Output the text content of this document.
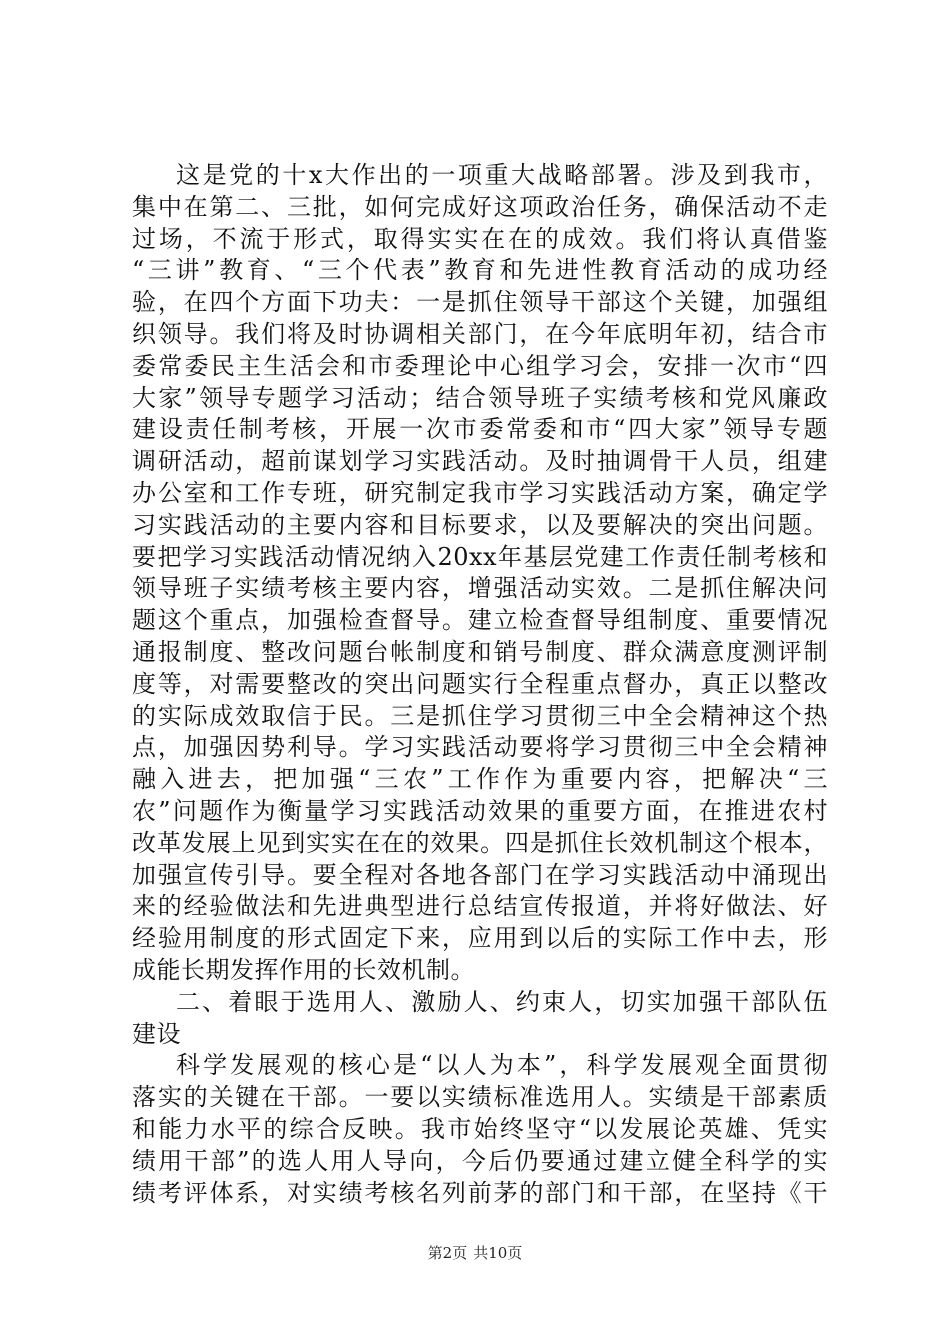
这是党的十x大作出的一项重大战略部署。涉及到我市，
集中在第二、三批，如何完成好这项政治任务，确保活动不走
过场，不流于形式，取得实实在在的成效。我们将认真借鉴
“三讲”教育、“三个代表”教育和先进性教育活动的成功经
验，在四个方面下功夫：一是抓住领导干部这个关键，加强组
织领导。我们将及时协调相关部门，在今年底明年初，结合市
委常委民主生活会和市委理论中心组学习会，安排一次市“四
大家”领导专题学习活动；结合领导班子实绩考核和党风廉政
建设责任制考核，开展一次市委常委和市“四大家”领导专题
调研活动，超前谋划学习实践活动。及时抽调骨干人员，组建
办公室和工作专班，研究制定我市学习实践活动方案，确定学
习实践活动的主要内容和目标要求，以及要解决的突出问题。
要把学习实践活动情况纳入20xx年基层党建工作责任制考核和
领导班子实绩考核主要内容，增强活动实效。二是抓住解决问
题这个重点，加强检查督导。建立检查督导组制度、重要情况
通报制度、整改问题台帐制度和销号制度、群众满意度测评制
度等，对需要整改的突出问题实行全程重点督办，真正以整改
的实际成效取信于民。三是抓住学习贯彻三中全会精神这个热
点，加强因势利导。学习实践活动要将学习贯彻三中全会精神
融入进去，把加强“三农”工作作为重要内容，把解决“三
农”问题作为衡量学习实践活动效果的重要方面，在推进农村
改革发展上见到实实在在的效果。四是抓住长效机制这个根本，
加强宣传引导。要全程对各地各部门在学习实践活动中涌现出
来的经验做法和先进典型进行总结宣传报道，并将好做法、好
经验用制度的形式固定下来，应用到以后的实际工作中去，形
成能长期发挥作用的长效机制。
二、着眼于选用人、激励人、约束人，切实加强干部队伍
建设
科学发展观的核心是“以人为本”，科学发展观全面贯彻
落实的关键在干部。一要以实绩标准选用人。实绩是干部素质
和能力水平的综合反映。我市始终坚守“以发展论英雄、凭实
绩用干部”的选人用人导向，今后仍要通过建立健全科学的实
绩考评体系，对实绩考核名列前茅的部门和干部，在坚持《干
第2页 共10页
